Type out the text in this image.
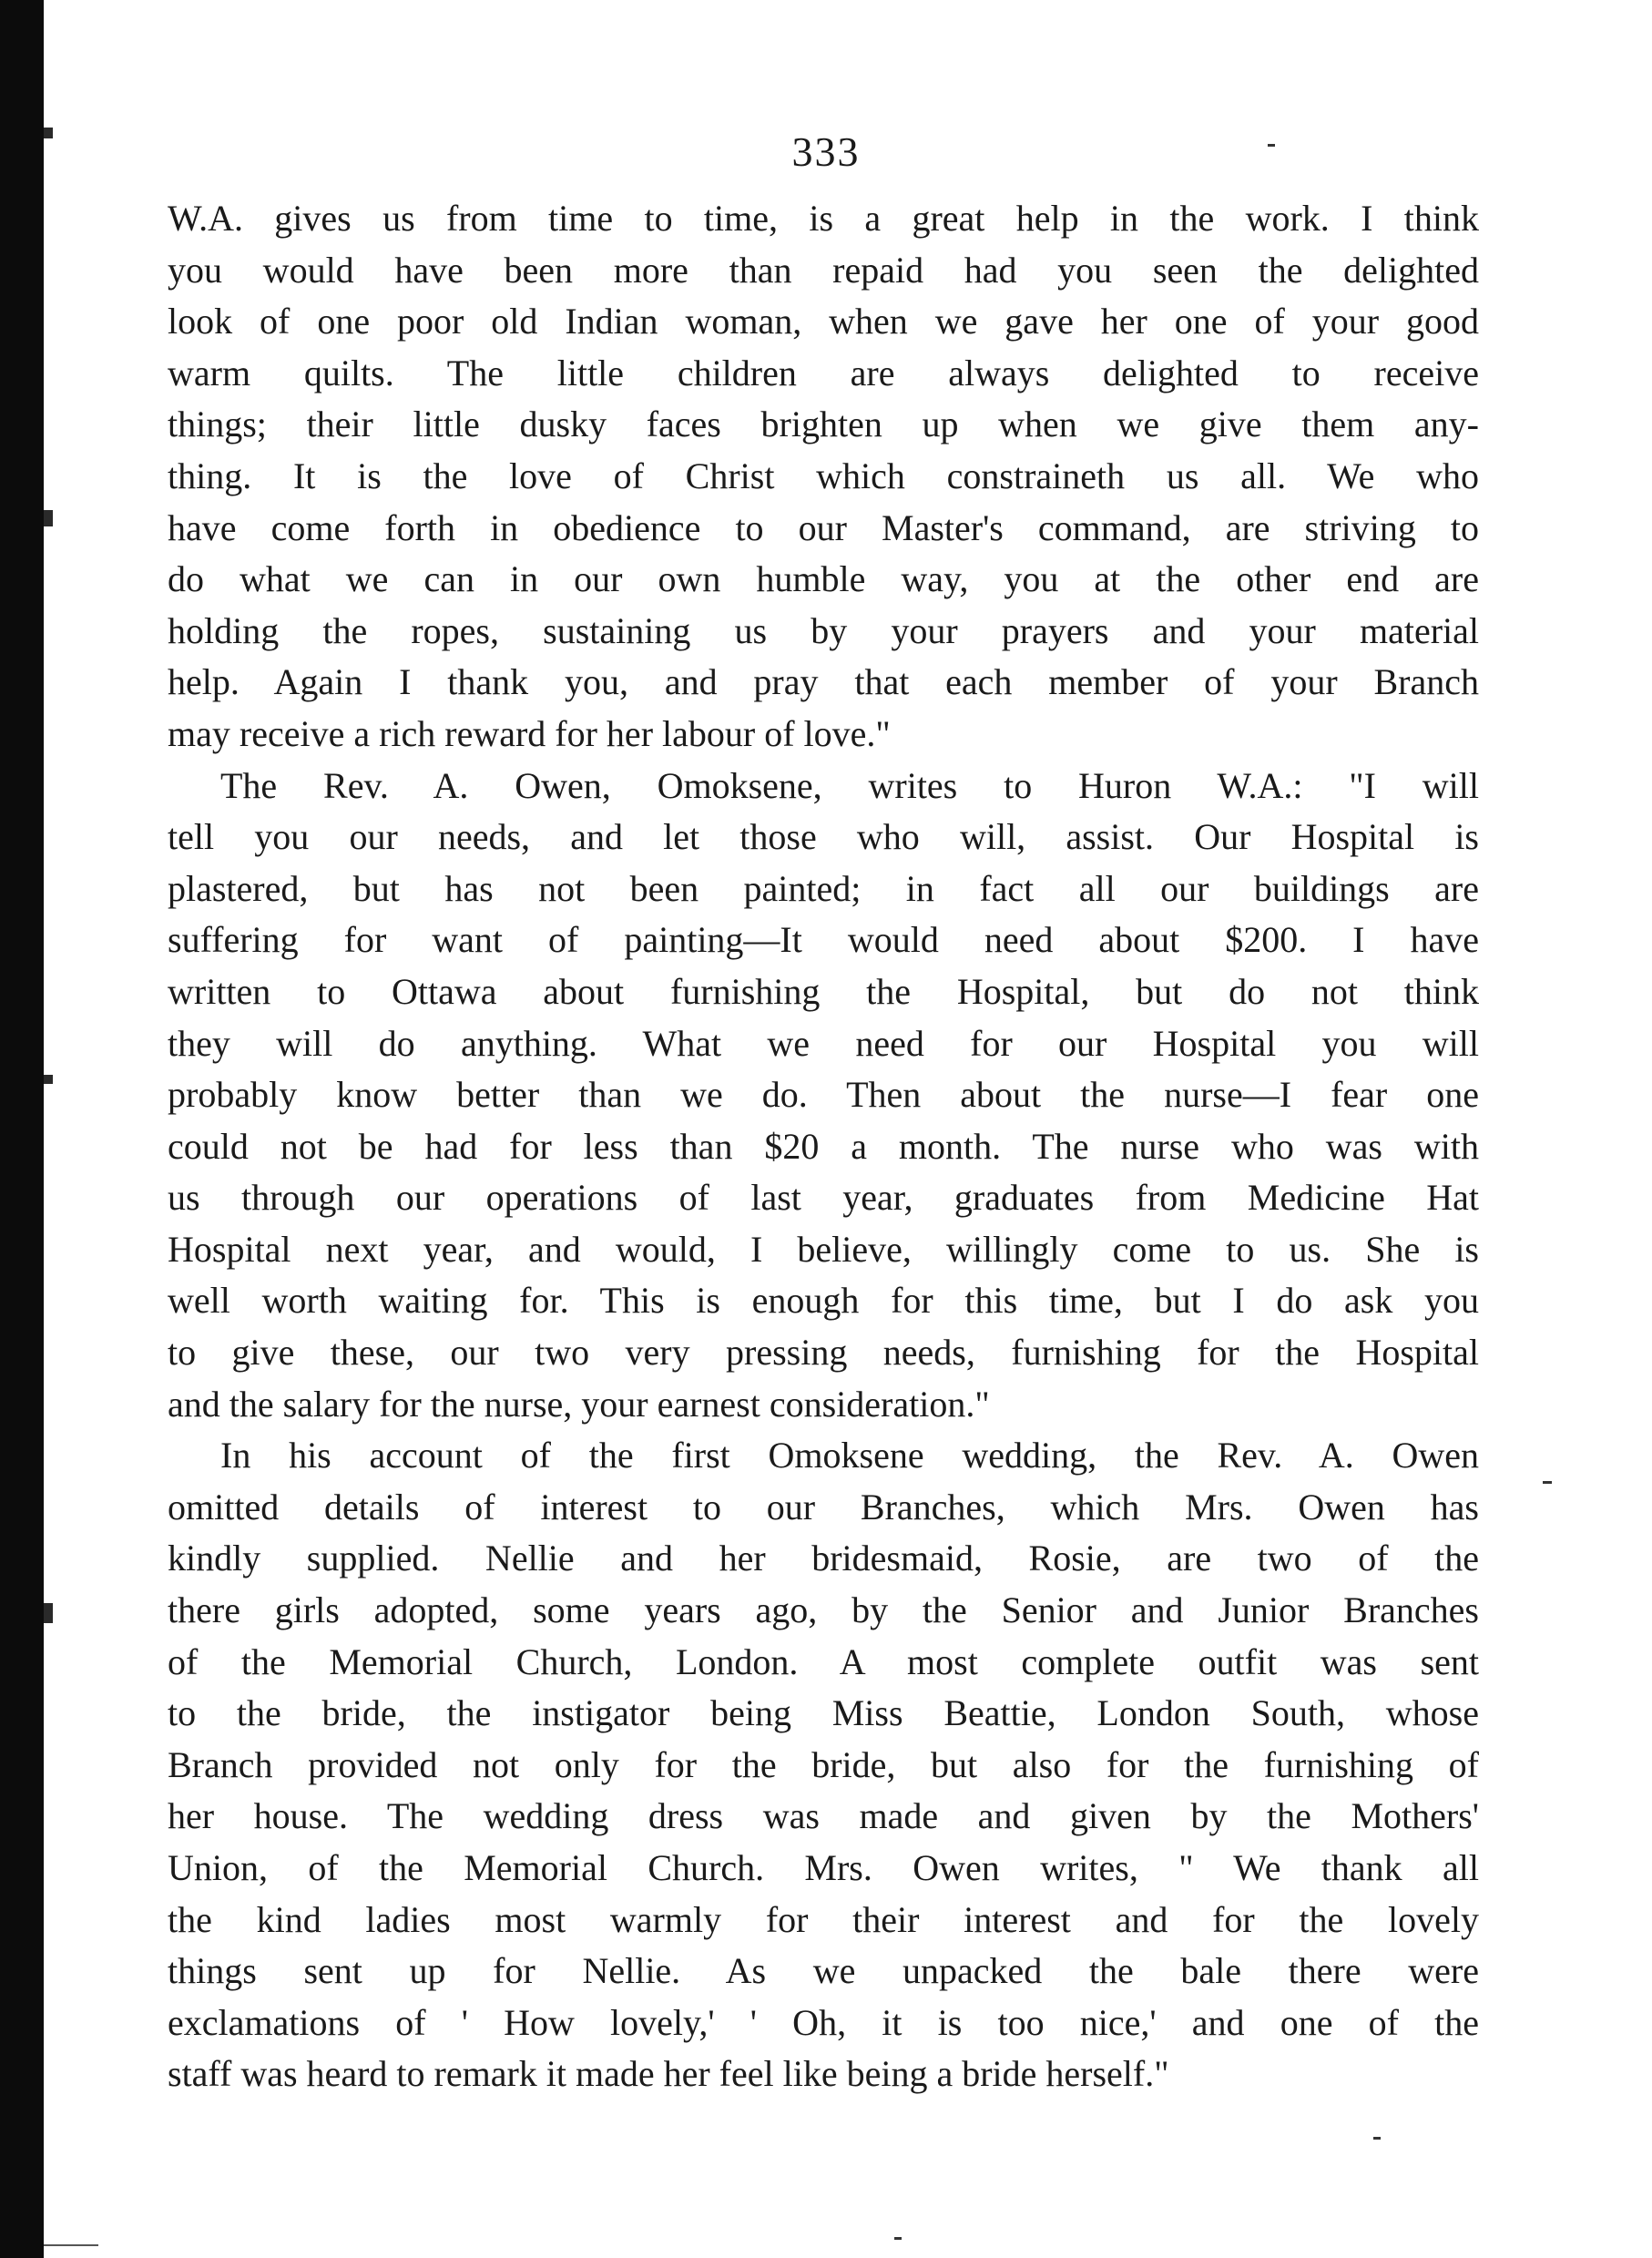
333

W.A. gives us from time to time, is a great help in the work. I think
you would have been more than repaid had you seen the delighted
look of one poor old Indian woman, when we gave her one of your good
warm quilts. The little children are always delighted to receive
things; their little dusky faces brighten up when we give them any-
thing. It is the love of Christ which constraineth us all. We who
have come forth in obedience to our Master's command, are striving to
do what we can in our own humble way, you at the other end are
holding the ropes, sustaining us by your prayers and your material
help. Again I thank you, and pray that each member of your Branch
may receive a rich reward for her labour of love."

The Rev. A. Owen, Omoksene, writes to Huron W.A.: "I will
tell you our needs, and let those who will, assist. Our Hospital is
plastered, but has not been painted; in fact all our buildings are
suffering for want of painting—It would need about $200. I have
written to Ottawa about furnishing the Hospital, but do not think
they will do anything. What we need for our Hospital you will
probably know better than we do. Then about the nurse—I fear one
could not be had for less than $20 a month. The nurse who was with
us through our operations of last year, graduates from Medicine Hat
Hospital next year, and would, I believe, willingly come to us. She is
well worth waiting for. This is enough for this time, but I do ask you
to give these, our two very pressing needs, furnishing for the Hospital
and the salary for the nurse, your earnest consideration."

In his account of the first Omoksene wedding, the Rev. A. Owen
omitted details of interest to our Branches, which Mrs. Owen has
kindly supplied. Nellie and her bridesmaid, Rosie, are two of the
there girls adopted, some years ago, by the Senior and Junior Branches
of the Memorial Church, London. A most complete outfit was sent
to the bride, the instigator being Miss Beattie, London South, whose
Branch provided not only for the bride, but also for the furnishing of
her house. The wedding dress was made and given by the Mothers'
Union, of the Memorial Church. Mrs. Owen writes, " We thank all
the kind ladies most warmly for their interest and for the lovely
things sent up for Nellie. As we unpacked the bale there were
exclamations of ' How lovely,' ' Oh, it is too nice,' and one of the
staff was heard to remark it made her feel like being a bride herself."
